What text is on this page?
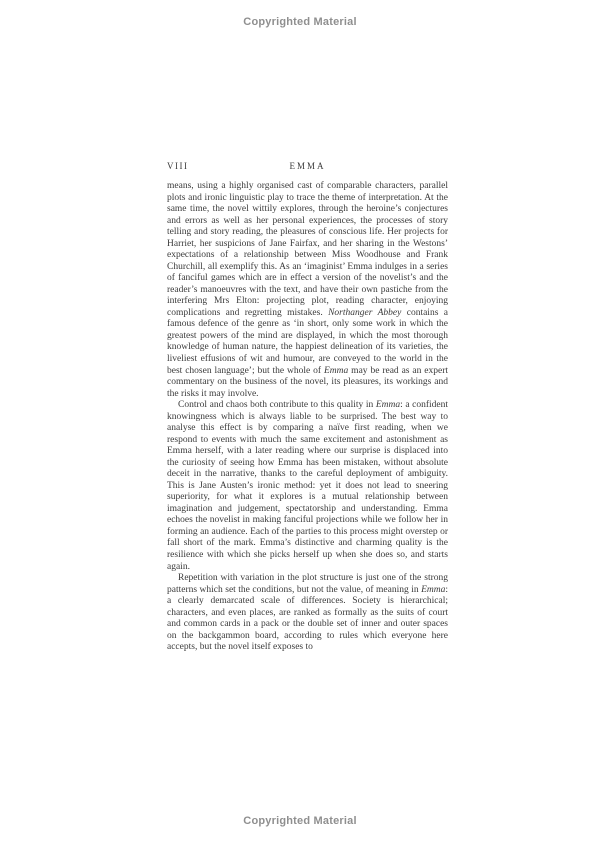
Copyrighted Material
VIII	EMMA

means, using a highly organised cast of comparable characters, parallel plots and ironic linguistic play to trace the theme of interpretation. At the same time, the novel wittily explores, through the heroine’s conjectures and errors as well as her personal experiences, the processes of story telling and story reading, the pleasures of conscious life. Her projects for Harriet, her suspicions of Jane Fairfax, and her sharing in the Westons’ expectations of a relationship between Miss Woodhouse and Frank Churchill, all exemplify this. As an ‘imaginist’ Emma indulges in a series of fanciful games which are in effect a version of the novelist’s and the reader’s manoeuvres with the text, and have their own pastiche from the interfering Mrs Elton: projecting plot, reading character, enjoying complications and regretting mistakes. Northanger Abbey contains a famous defence of the genre as ‘in short, only some work in which the greatest powers of the mind are displayed, in which the most thorough knowledge of human nature, the happiest delineation of its varieties, the liveliest effusions of wit and humour, are conveyed to the world in the best chosen language’; but the whole of Emma may be read as an expert commentary on the business of the novel, its pleasures, its workings and the risks it may involve.

Control and chaos both contribute to this quality in Emma: a confident knowingness which is always liable to be surprised. The best way to analyse this effect is by comparing a naïve first reading, when we respond to events with much the same excitement and astonishment as Emma herself, with a later reading where our surprise is displaced into the curiosity of seeing how Emma has been mistaken, without absolute deceit in the narrative, thanks to the careful deployment of ambiguity. This is Jane Austen’s ironic method: yet it does not lead to sneering superiority, for what it explores is a mutual relationship between imagination and judgement, spectatorship and understanding. Emma echoes the novelist in making fanciful projections while we follow her in forming an audience. Each of the parties to this process might overstep or fall short of the mark. Emma’s distinctive and charming quality is the resilience with which she picks herself up when she does so, and starts again.

Repetition with variation in the plot structure is just one of the strong patterns which set the conditions, but not the value, of meaning in Emma: a clearly demarcated scale of differences. Society is hierarchical; characters, and even places, are ranked as formally as the suits of court and common cards in a pack or the double set of inner and outer spaces on the backgammon board, according to rules which everyone here accepts, but the novel itself exposes to

Copyrighted Material
